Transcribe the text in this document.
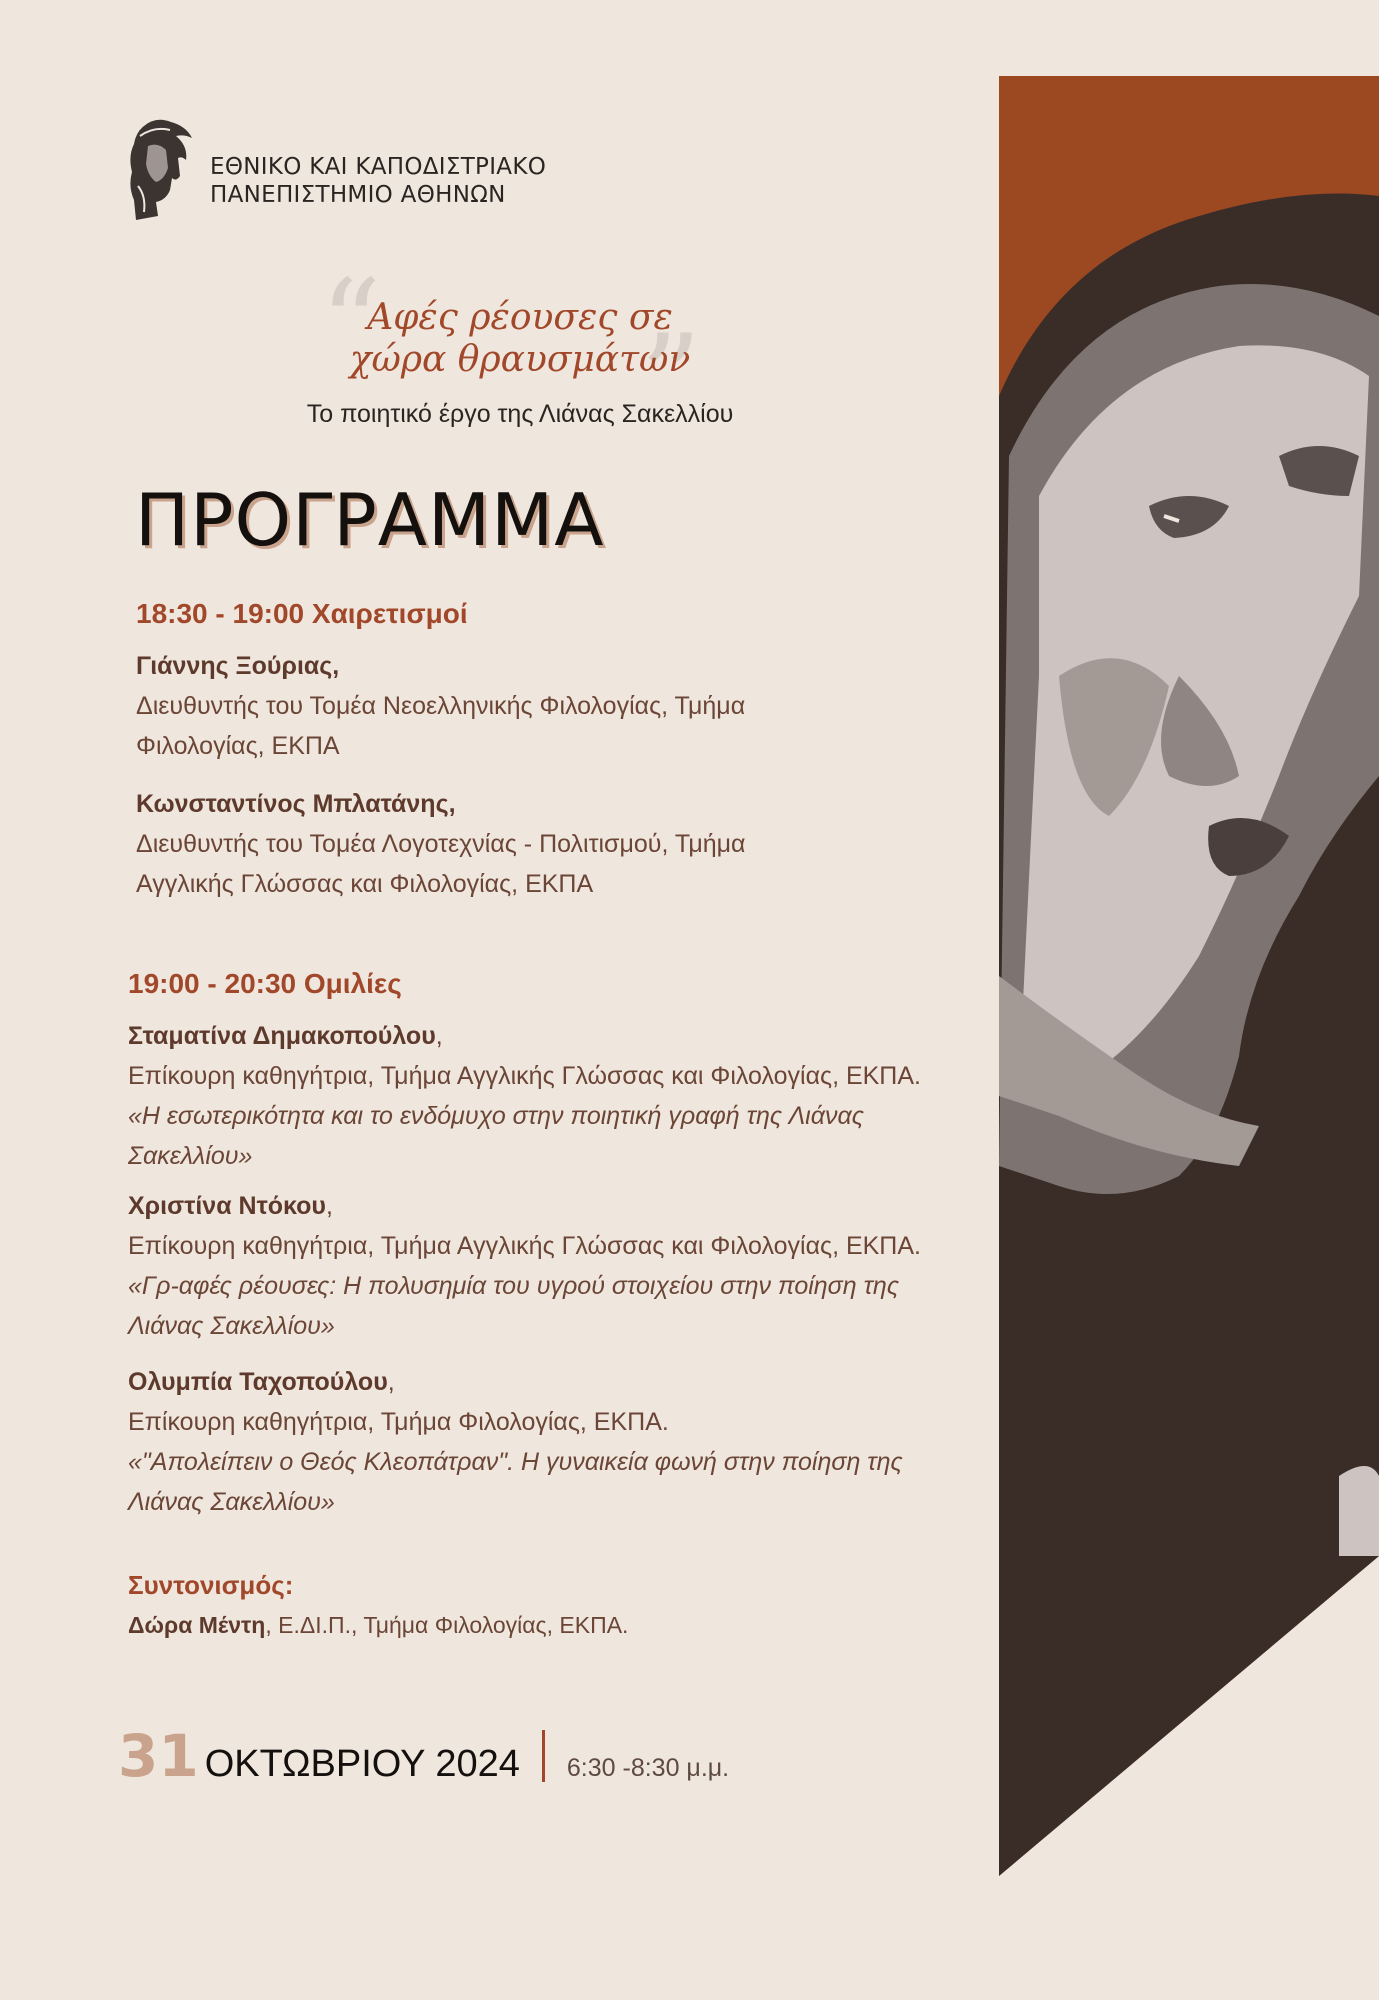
ΕΘΝΙΚΟ ΚΑΙ ΚΑΠΟΔΙΣΤΡΙΑΚΟ
ΠΑΝΕΠΙΣΤΗΜΙΟ ΑΘΗΝΩΝ
“ ”
Αφές ρέουσες σε
χώρα θραυσμάτων
Το ποιητικό έργο της Λιάνας Σακελλίου
ΠΡΟΓΡΑΜΜΑ
18:30 - 19:00 Χαιρετισμοί
Γιάννης Ξούριας,
Διευθυντής του Τομέα Νεοελληνικής Φιλολογίας, Τμήμα
Φιλολογίας, ΕΚΠΑ
Κωνσταντίνος Μπλατάνης,
Διευθυντής του Τομέα Λογοτεχνίας - Πολιτισμού, Τμήμα
Αγγλικής Γλώσσας και Φιλολογίας, ΕΚΠΑ
19:00 - 20:30 Ομιλίες
Σταματίνα Δημακοπούλου,
Επίκουρη καθηγήτρια, Τμήμα Αγγλικής Γλώσσας και Φιλολογίας, ΕΚΠΑ.
«Η εσωτερικότητα και το ενδόμυχο στην ποιητική γραφή της Λιάνας
Σακελλίου»
Χριστίνα Ντόκου,
Επίκουρη καθηγήτρια, Τμήμα Αγγλικής Γλώσσας και Φιλολογίας, ΕΚΠΑ.
«Γρ-αφές ρέουσες: Η πολυσημία του υγρού στοιχείου στην ποίηση της
Λιάνας Σακελλίου»
Ολυμπία Ταχοπούλου,
Επίκουρη καθηγήτρια, Τμήμα Φιλολογίας, ΕΚΠΑ.
«"Απολείπειν ο Θεός Κλεοπάτραν". Η γυναικεία φωνή στην ποίηση της
Λιάνας Σακελλίου»
Συντονισμός:
Δώρα Μέντη, Ε.ΔΙ.Π., Τμήμα Φιλολογίας, ΕΚΠΑ.
31 ΟΚΤΩΒΡΙΟΥ 2024 6:30 -8:30 μ.μ.
